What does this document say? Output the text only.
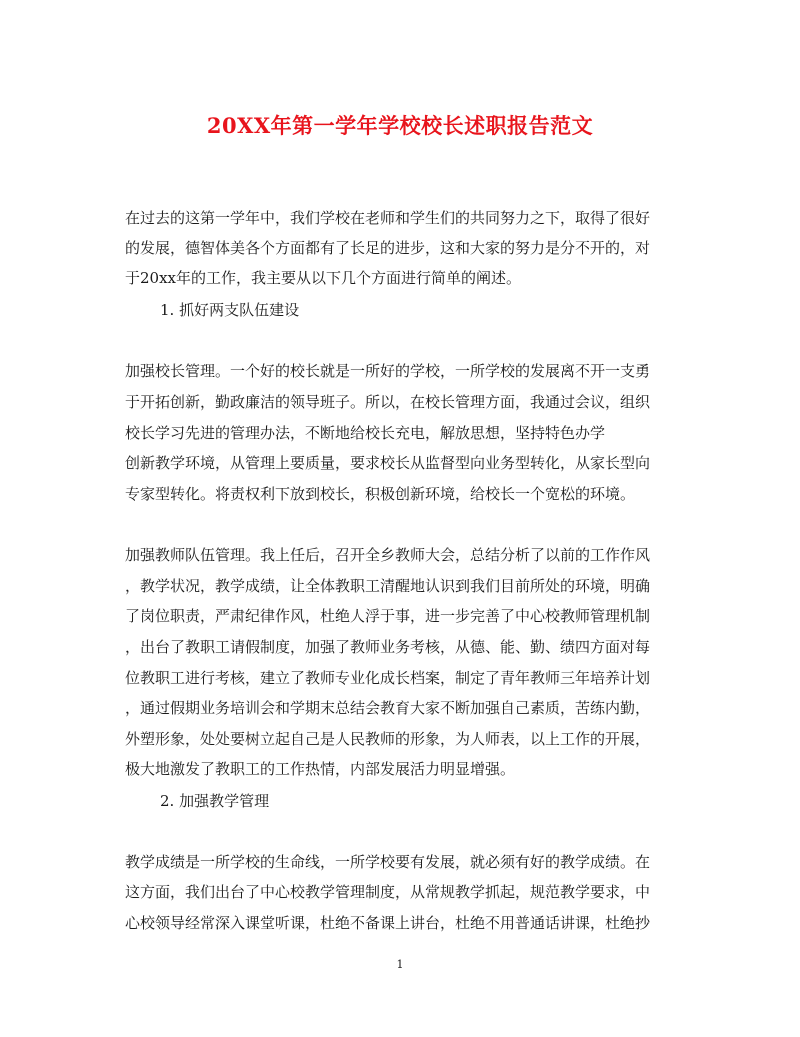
20XX年第一学年学校校长述职报告范文
在过去的这第一学年中，我们学校在老师和学生们的共同努力之下，取得了很好
的发展，德智体美各个方面都有了长足的进步，这和大家的努力是分不开的，对
于20xx年的工作，我主要从以下几个方面进行简单的阐述。
1. 抓好两支队伍建设
加强校长管理。一个好的校长就是一所好的学校，一所学校的发展离不开一支勇
于开拓创新，勤政廉洁的领导班子。所以，在校长管理方面，我通过会议，组织
校长学习先进的管理办法，不断地给校长充电，解放思想，坚持特色办学
创新教学环境，从管理上要质量，要求校长从监督型向业务型转化，从家长型向
专家型转化。将责权利下放到校长，积极创新环境，给校长一个宽松的环境。
加强教师队伍管理。我上任后，召开全乡教师大会，总结分析了以前的工作作风
，教学状况，教学成绩，让全体教职工清醒地认识到我们目前所处的环境，明确
了岗位职责，严肃纪律作风，杜绝人浮于事，进一步完善了中心校教师管理机制
，出台了教职工请假制度，加强了教师业务考核，从德、能、勤、绩四方面对每
位教职工进行考核，建立了教师专业化成长档案，制定了青年教师三年培养计划
，通过假期业务培训会和学期末总结会教育大家不断加强自己素质，苦练内勤，
外塑形象，处处要树立起自己是人民教师的形象，为人师表，以上工作的开展，
极大地激发了教职工的工作热情，内部发展活力明显增强。
2. 加强教学管理
教学成绩是一所学校的生命线，一所学校要有发展，就必须有好的教学成绩。在
这方面，我们出台了中心校教学管理制度，从常规教学抓起，规范教学要求，中
心校领导经常深入课堂听课，杜绝不备课上讲台，杜绝不用普通话讲课，杜绝抄
1
